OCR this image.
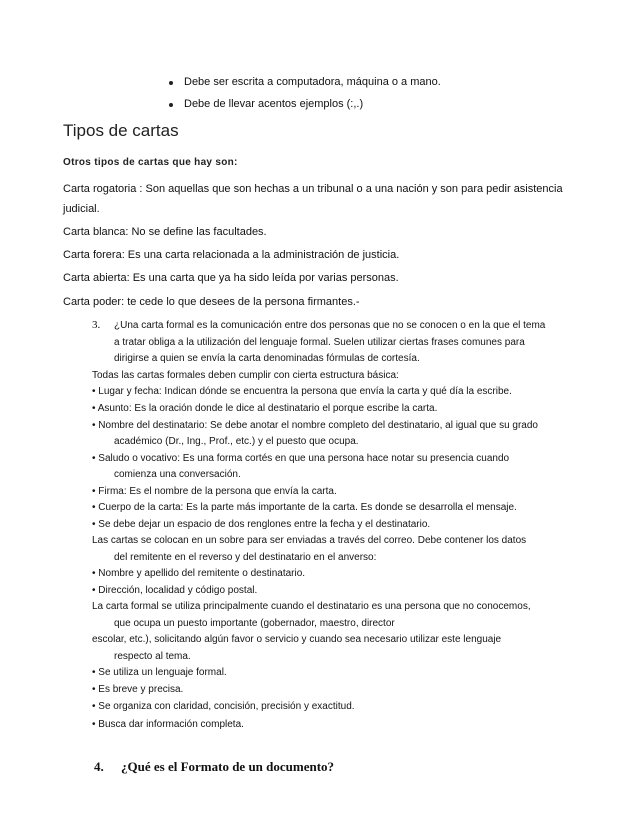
Debe ser escrita a computadora, máquina o a mano.
Debe de llevar acentos ejemplos (:,.)
Tipos de cartas
Otros tipos de cartas que hay son:
Carta rogatoria : Son aquellas que son hechas a un tribunal o a una nación y son para pedir asistencia
judicial.
Carta blanca: No se define las facultades.
Carta forera: Es una carta relacionada a la administración de justicia.
Carta abierta: Es una carta que ya ha sido leída por varias personas.
Carta poder: te cede lo que desees de la persona firmantes.-
3. ¿Una carta formal es la comunicación entre dos personas que no se conocen o en la que el tema
a tratar obliga a la utilización del lenguaje formal. Suelen utilizar ciertas frases comunes para
dirigirse a quien se envía la carta denominadas fórmulas de cortesía.
Todas las cartas formales deben cumplir con cierta estructura básica:
• Lugar y fecha: Indican dónde se encuentra la persona que envía la carta y qué día la escribe.
• Asunto: Es la oración donde le dice al destinatario el porque escribe la carta.
• Nombre del destinatario: Se debe anotar el nombre completo del destinatario, al igual que su grado
académico (Dr., Ing., Prof., etc.) y el puesto que ocupa.
• Saludo o vocativo: Es una forma cortés en que una persona hace notar su presencia cuando
comienza una conversación.
• Firma: Es el nombre de la persona que envía la carta.
• Cuerpo de la carta: Es la parte más importante de la carta. Es donde se desarrolla el mensaje.
• Se debe dejar un espacio de dos renglones entre la fecha y el destinatario.
Las cartas se colocan en un sobre para ser enviadas a través del correo. Debe contener los datos
del remitente en el reverso y del destinatario en el anverso:
• Nombre y apellido del remitente o destinatario.
• Dirección, localidad y código postal.
La carta formal se utiliza principalmente cuando el destinatario es una persona que no conocemos,
que ocupa un puesto importante (gobernador, maestro, director
escolar, etc.), solicitando algún favor o servicio y cuando sea necesario utilizar este lenguaje
respecto al tema.
• Se utiliza un lenguaje formal.
• Es breve y precisa.
• Se organiza con claridad, concisión, precisión y exactitud.
• Busca dar información completa.
4. ¿Qué es el Formato de un documento?
